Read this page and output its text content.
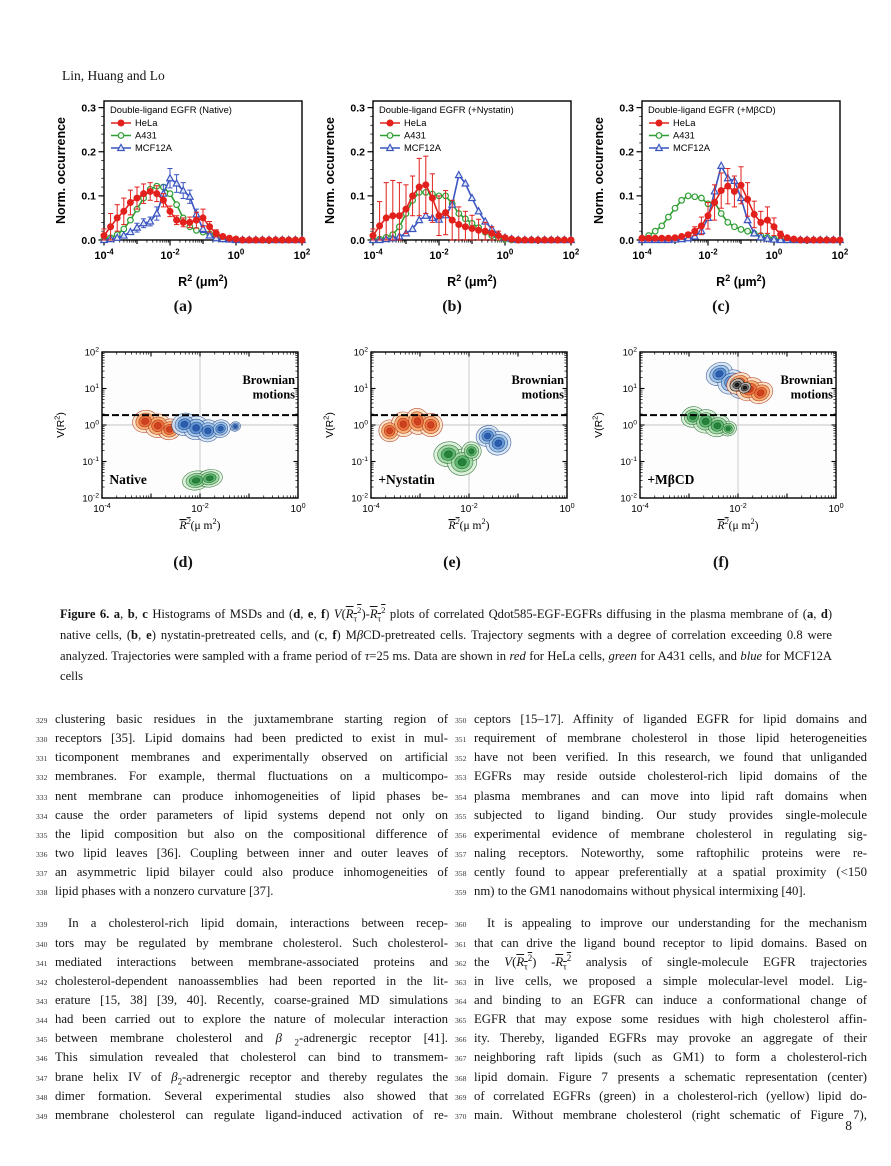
Lin, Huang and Lo
$10^{-4}$	$10^{-2}$	$10^0$	$10^2$
0.0
0.1
0.2
0.3
$R^2$ $(\mu m^2)$
Norm. occurrence
Double-ligand EGFR (Native)
HeLa
A431
MCF12A
(a)
$10^{-4}$	$10^{-2}$	$10^0$	$10^2$
0.0
0.1
0.2
0.3
$R^2$ $(\mu m^2)$
Norm. occurrence
Double-ligand EGFR (+Nystatin)
HeLa
A431
MCF12A
(b)
$10^{-4}$	$10^{-2}$	$10^0$	$10^2$
0.0
0.1
0.2
0.3
$R^2$ $(\mu m^2)$
Norm. occurrence
Double-ligand EGFR (+MβCD)
HeLa
A431
MCF12A
(c)
$10^{-4}$	$10^{-2}$	$10^0$
$10^{-2}$
$10^{-1}$
$10^0$
$10^1$
$10^2$
Brownian
motions
Native
$R^2(\mu$ $m^2$)
$V(R^2)$
(d)
$10^{-4}$	$10^{-2}$	$10^0$
$10^{-2}$
$10^{-1}$
$10^0$
$10^1$
$10^2$
Brownian
motions
+Nystatin
$R^2(\mu$ $m^2$)
$V(R^2)$
(e)
$10^{-4}$	$10^{-2}$	$10^0$
$10^{-2}$
$10^{-1}$
$10^0$
$10^1$
$10^2$
Brownian
motions
+MβCD
$R^2(\mu$ $m^2$)
$V(R^2)$
(f)
Figure 6. a, b, c Histograms of MSDs and (d, e, f) $V(R_\tau^2)-R_\tau^2$ plots of correlated Qdot585-EGF-EGFRs diffusing in the plasma membrane of (a, d) native cells, (b, e) nystatin-pretreated cells, and (c, f) MβCD-pretreated cells. Trajectory segments with a degree of correlation exceeding 0.8 were analyzed. Trajectories were sampled with a frame period of τ=25 ms. Data are shown in red for HeLa cells, green for A431 cells, and blue for MCF12A cells
329 clustering basic residues in the juxtamembrane starting region of
330 receptors [35]. Lipid domains had been predicted to exist in mul-
331 ticomponent membranes and experimentally observed on artificial
332 membranes. For example, thermal fluctuations on a multicompo-
333 nent membrane can produce inhomogeneities of lipid phases be-
334 cause the order parameters of lipid systems depend not only on
335 the lipid composition but also on the compositional difference of
336 two lipid leaves [36]. Coupling between inner and outer leaves of
337 an asymmetric lipid bilayer could also produce inhomogeneities of
338 lipid phases with a nonzero curvature [37].
339	In a cholesterol-rich lipid domain, interactions between recep-
340 tors may be regulated by membrane cholesterol. Such cholesterol-
341 mediated interactions between membrane-associated proteins and
342 cholesterol-dependent nanoassemblies had been reported in the lit-
343 erature [15, 38] [39, 40]. Recently, coarse-grained MD simulations
344 had been carried out to explore the nature of molecular interaction
345 between membrane cholesterol and β $_2$-adrenergic receptor [41].
346 This simulation revealed that cholesterol can bind to transmem-
347 brane helix IV of $\beta_2$-adrenergic receptor and thereby regulates the
348 dimer formation. Several experimental studies also showed that
349 membrane cholesterol can regulate ligand-induced activation of re-
350 ceptors [15–17]. Affinity of liganded EGFR for lipid domains and
351 requirement of membrane cholesterol in those lipid heterogeneities
352 have not been verified. In this research, we found that unliganded
353 EGFRs may reside outside cholesterol-rich lipid domains of the
354 plasma membranes and can move into lipid raft domains when
355 subjected to ligand binding. Our study provides single-molecule
356 experimental evidence of membrane cholesterol in regulating sig-
357 naling receptors. Noteworthy, some raftophilic proteins were re-
358 cently found to appear preferentially at a spatial proximity (<150
359 nm) to the GM1 nanodomains without physical intermixing [40].
360	It is appealing to improve our understanding for the mechanism
361 that can drive the ligand bound receptor to lipid domains. Based on
362 the $V(R_\tau^2)$ $-R_\tau^2$ analysis of single-molecule EGFR trajectories
363 in live cells, we proposed a simple molecular-level model. Lig-
364 and binding to an EGFR can induce a conformational change of
365 EGFR that may expose some residues with high cholesterol affin-
366 ity. Thereby, liganded EGFRs may provoke an aggregate of their
367 neighboring raft lipids (such as GM1) to form a cholesterol-rich
368 lipid domain. Figure 7 presents a schematic representation (center)
369 of correlated EGFRs (green) in a cholesterol-rich (yellow) lipid do-
370 main. Without membrane cholesterol (right schematic of Figure 7),
8
